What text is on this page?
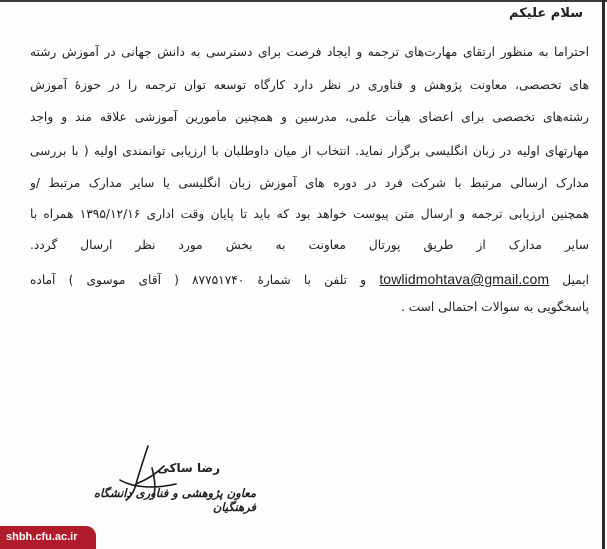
سلام علیکم
احتراما به منظور ارتقای مهارت‌های ترجمه و ایجاد فرصت برای دسترسی به دانش جهانی در آموزش رشته
های تخصصی، معاونت پژوهش و فناوری در نظر دارد کارگاه توسعه توان ترجمه را در حوزهٔ آموزش
رشته‌های تخصصی برای اعضای هیأت علمی، مدرسین و همچنین مأمورین آموزشی علاقه مند و واجد
مهارتهای اولیه در زبان انگلیسی برگزار نماید. انتخاب از میان داوطلبان با ارزیابی توانمندی اولیه ( با بررسی
مدارک ارسالی مرتبط با شرکت فرد در دوره های آموزش زبان انگلیسی یا سایر مدارک مرتبط /و
همچنین ارزیابی ترجمه و ارسال متن پیوست خواهد بود که باید تا پایان وقت اداری ۱۳۹۵/۱۲/۱۶ همراه با
سایر مدارک از طریق پورتال معاونت به بخش مورد نظر ارسال گردد.
ایمیل towlidmohtava@gmail.com و تلفن با شمارهٔ ۸۷۷۵۱۷۴۰ ( آقای موسوی ) آماده
پاسخگویی به سوالات احتمالی است .
رضا ساکی
معاون پژوهشی و فناوری دانشگاه فرهنگیان
shbh.cfu.ac.ir
